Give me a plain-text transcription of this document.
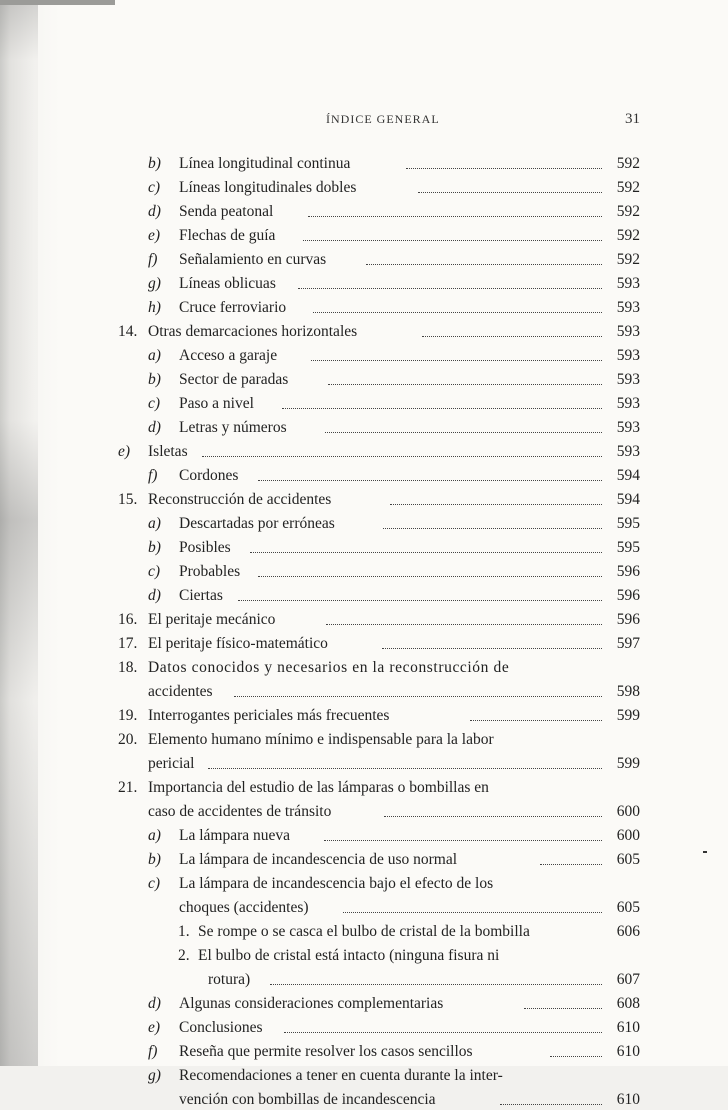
ÍNDICE GENERAL	31
b) Línea longitudinal continua	592
c) Líneas longitudinales dobles	592
d) Senda peatonal	592
e) Flechas de guía	592
f) Señalamiento en curvas	592
g) Líneas oblicuas	593
h) Cruce ferroviario	593
14. Otras demarcaciones horizontales	593
a) Acceso a garaje	593
b) Sector de paradas	593
c) Paso a nivel	593
d) Letras y números	593
e) Isletas	593
f) Cordones	594
15. Reconstrucción de accidentes	594
a) Descartadas por erróneas	595
b) Posibles	595
c) Probables	596
d) Ciertas	596
16. El peritaje mecánico	596
17. El peritaje físico-matemático	597
18. Datos conocidos y necesarios en la reconstrucción de
accidentes	598
19. Interrogantes periciales más frecuentes	599
20. Elemento humano mínimo e indispensable para la labor
pericial	599
21. Importancia del estudio de las lámparas o bombillas en
caso de accidentes de tránsito	600
a) La lámpara nueva	600
b) La lámpara de incandescencia de uso normal	605
c) La lámpara de incandescencia bajo el efecto de los
choques (accidentes)	605
1. Se rompe o se casca el bulbo de cristal de la bombilla	606
2. El bulbo de cristal está intacto (ninguna fisura ni
rotura)	607
d) Algunas consideraciones complementarias	608
e) Conclusiones	610
f) Reseña que permite resolver los casos sencillos	610
g) Recomendaciones a tener en cuenta durante la inter-
vención con bombillas de incandescencia	610
